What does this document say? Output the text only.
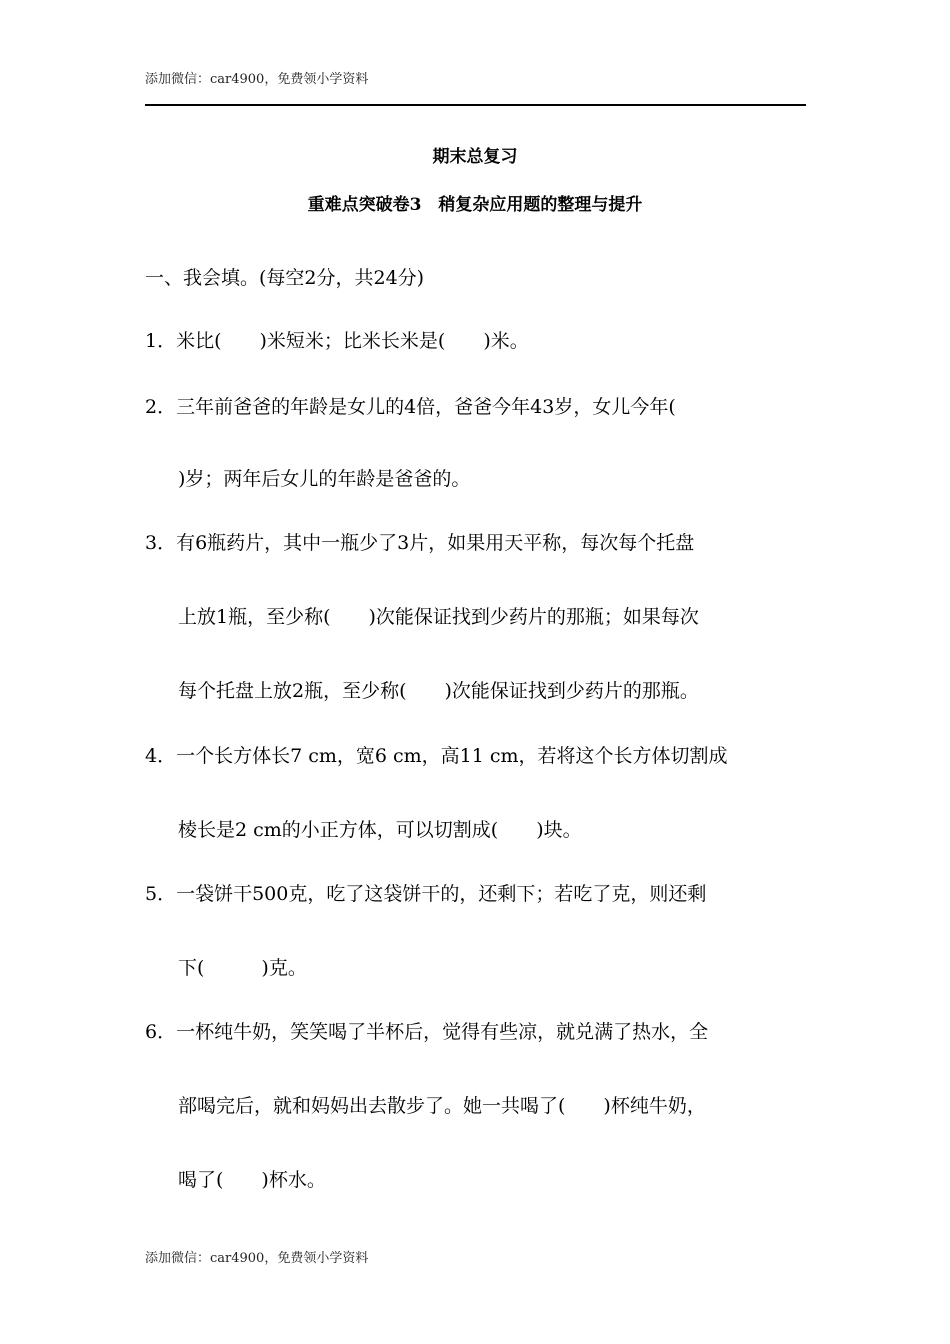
添加微信：car4900，免费领小学资料
期末总复习
重难点突破卷3　稍复杂应用题的整理与提升
一、我会填。(每空2分，共24分)
1．米比(　　)米短米；比米长米是(　　)米。
2．三年前爸爸的年龄是女儿的4倍，爸爸今年43岁，女儿今年(
)岁；两年后女儿的年龄是爸爸的。
3．有6瓶药片，其中一瓶少了3片，如果用天平称，每次每个托盘
上放1瓶，至少称(　　)次能保证找到少药片的那瓶；如果每次
每个托盘上放2瓶，至少称(　　)次能保证找到少药片的那瓶。
4．一个长方体长7 cm，宽6 cm，高11 cm，若将这个长方体切割成
棱长是2 cm的小正方体，可以切割成(　　)块。
5．一袋饼干500克，吃了这袋饼干的，还剩下；若吃了克，则还剩
下(　　　)克。
6．一杯纯牛奶，笑笑喝了半杯后，觉得有些凉，就兑满了热水，全
部喝完后，就和妈妈出去散步了。她一共喝了(　　)杯纯牛奶，
喝了(　　)杯水。
添加微信：car4900，免费领小学资料
